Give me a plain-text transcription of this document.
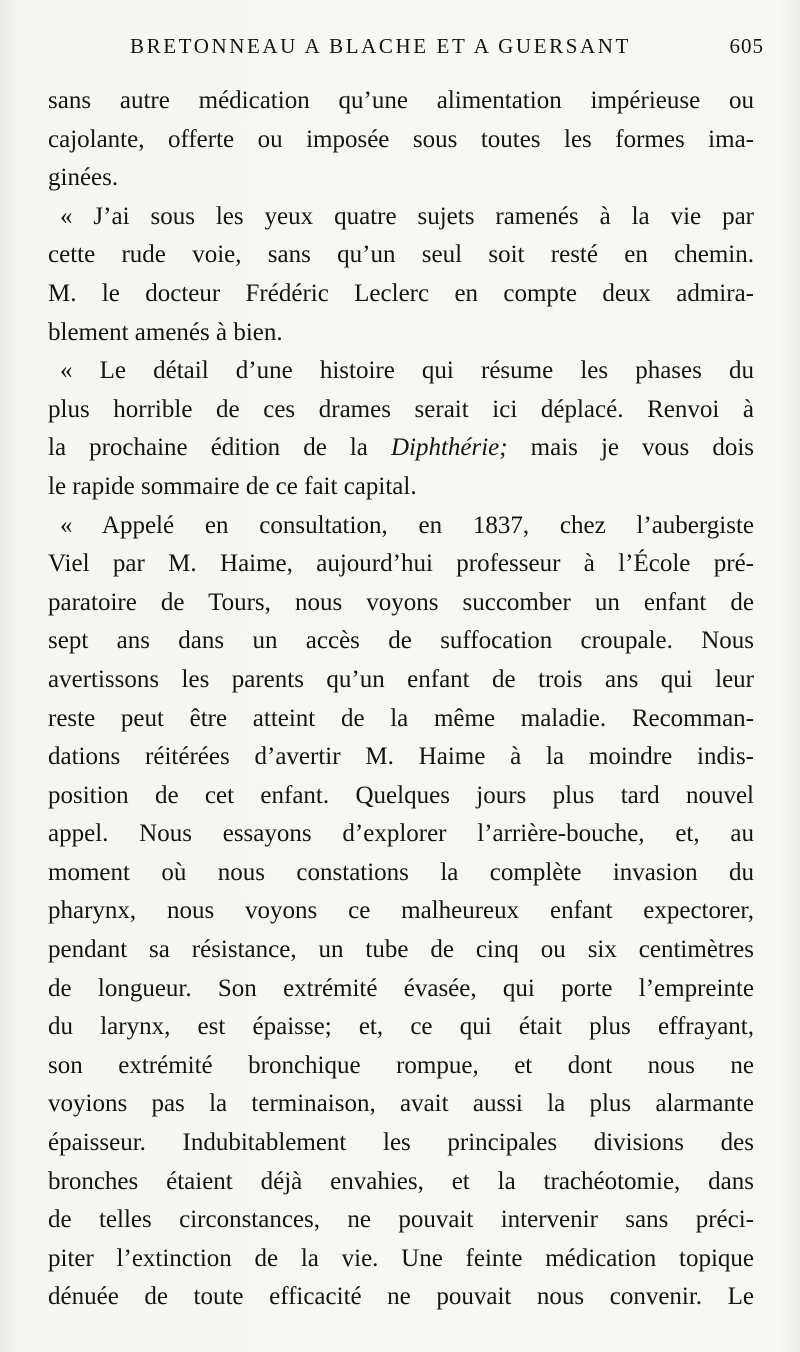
BRETONNEAU A BLACHE ET A GUERSANT	605
sans autre médication qu’une alimentation impérieuse ou
cajolante, offerte ou imposée sous toutes les formes ima-
ginées.
« J’ai sous les yeux quatre sujets ramenés à la vie par
cette rude voie, sans qu’un seul soit resté en chemin.
M. le docteur Frédéric Leclerc en compte deux admira-
blement amenés à bien.
« Le détail d’une histoire qui résume les phases du
plus horrible de ces drames serait ici déplacé. Renvoi à
la prochaine édition de la Diphthérie; mais je vous dois
le rapide sommaire de ce fait capital.
« Appelé en consultation, en 1837, chez l’aubergiste
Viel par M. Haime, aujourd’hui professeur à l’École pré-
paratoire de Tours, nous voyons succomber un enfant de
sept ans dans un accès de suffocation croupale. Nous
avertissons les parents qu’un enfant de trois ans qui leur
reste peut être atteint de la même maladie. Recomman-
dations réitérées d’avertir M. Haime à la moindre indis-
position de cet enfant. Quelques jours plus tard nouvel
appel. Nous essayons d’explorer l’arrière-bouche, et, au
moment où nous constations la complète invasion du
pharynx, nous voyons ce malheureux enfant expectorer,
pendant sa résistance, un tube de cinq ou six centimètres
de longueur. Son extrémité évasée, qui porte l’empreinte
du larynx, est épaisse; et, ce qui était plus effrayant,
son extrémité bronchique rompue, et dont nous ne
voyions pas la terminaison, avait aussi la plus alarmante
épaisseur. Indubitablement les principales divisions des
bronches étaient déjà envahies, et la trachéotomie, dans
de telles circonstances, ne pouvait intervenir sans préci-
piter l’extinction de la vie. Une feinte médication topique
dénuée de toute efficacité ne pouvait nous convenir. Le
